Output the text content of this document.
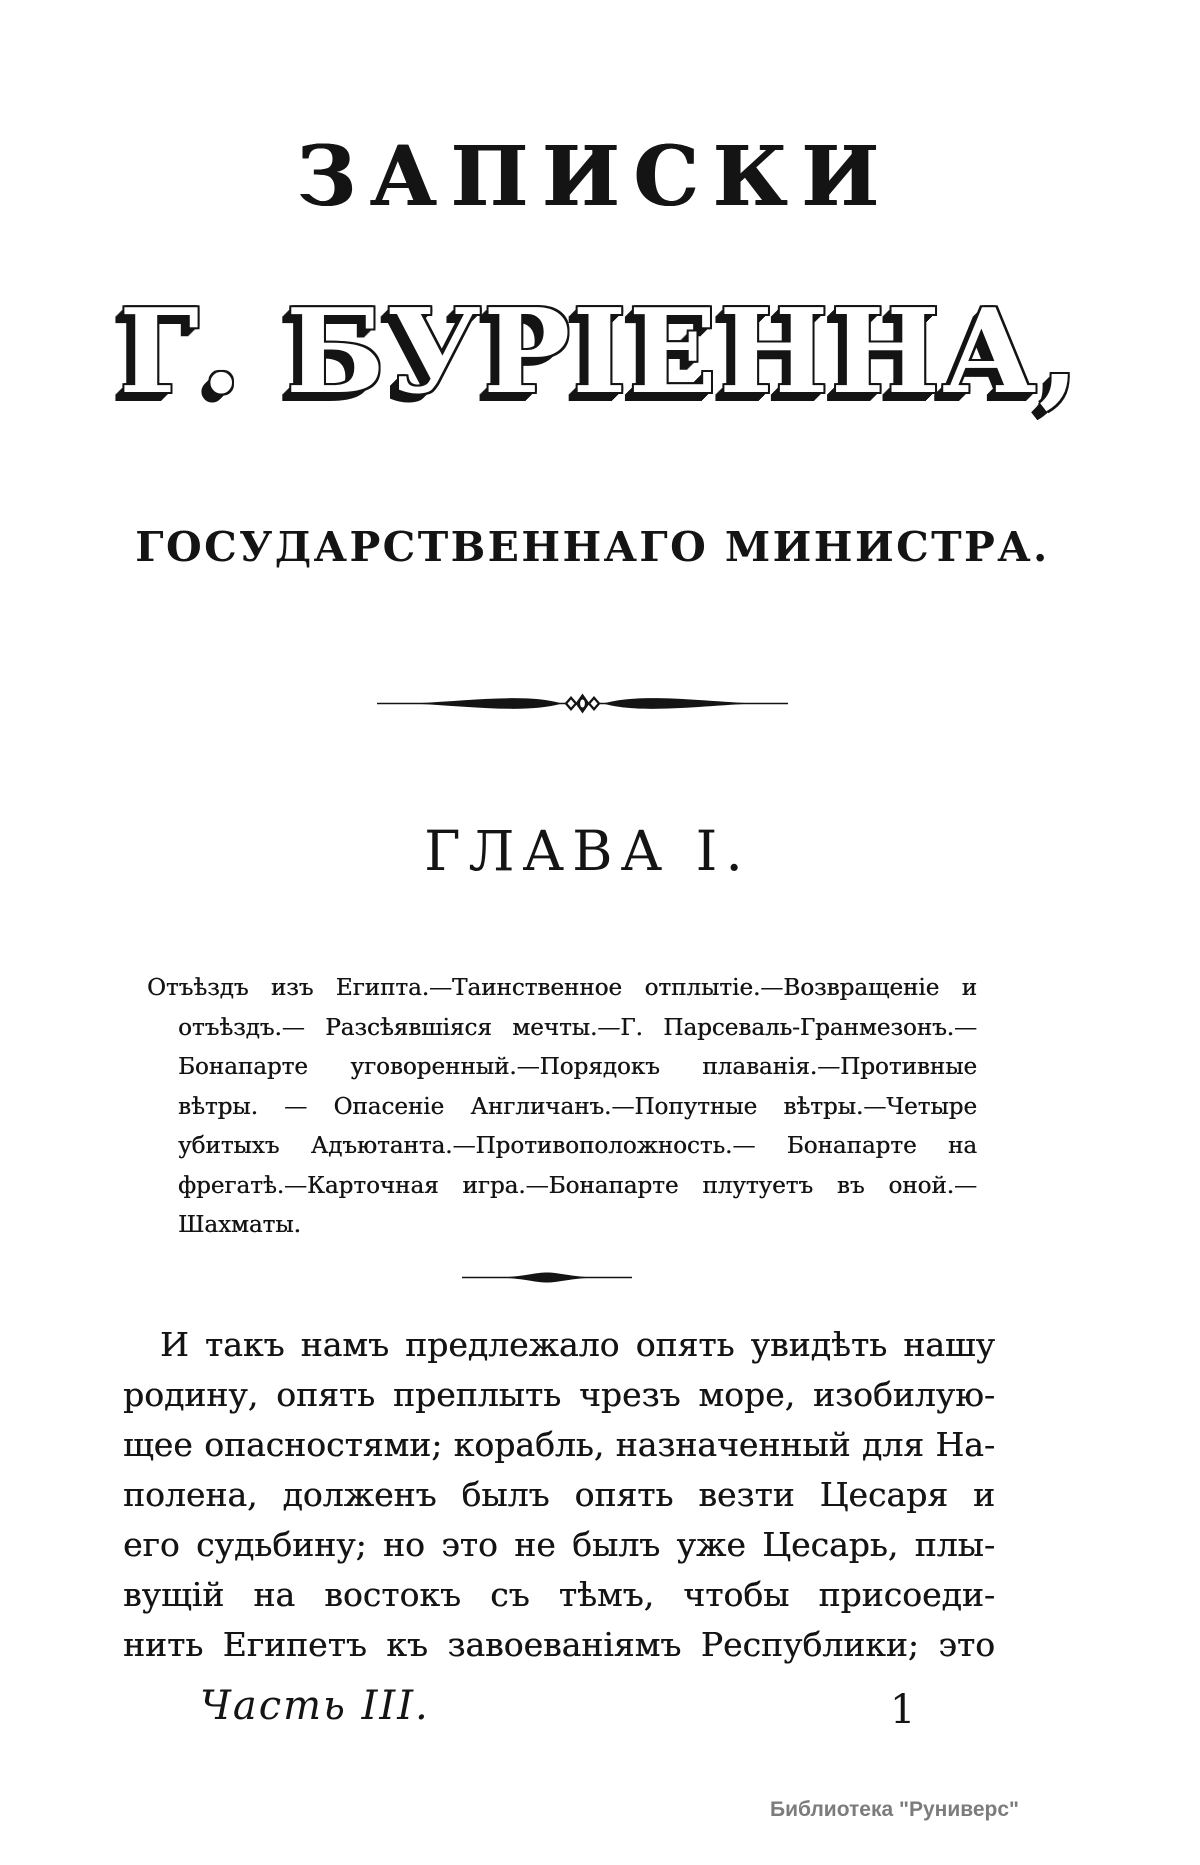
ЗАПИСКИ
Г. БУРІЕННА,
ГОСУДАРСТВЕННАГО МИНИСТРА.
ГЛАВА I.
Отъѣздъ изъ Египта.—Таинственное отплытіе.—Возвращеніе и
отъѣздъ.— Разсѣявшіяся мечты.—Г. Парсеваль-Гранмезонъ.—
Бонапарте уговоренный.—Порядокъ плаванія.—Противные
вѣтры. — Опасеніе Англичанъ.—Попутные вѣтры.—Четыре
убитыхъ Адъютанта.—Противоположность.— Бонапарте на
фрегатѣ.—Карточная игра.—Бонапарте плутуетъ въ оной.—
Шахматы.
И такъ намъ предлежало опять увидѣть нашу
родину, опять преплыть чрезъ море, изобилую-
щее опасностями; корабль, назначенный для На-
полена, долженъ былъ опять везти Цесаря и
его судьбину; но это не былъ уже Цесарь, плы-
вущій на востокъ съ тѣмъ, чтобы присоеди-
нить Египетъ къ завоеваніямъ Республики; это
Часть III.	1
Библиотека "Руниверс"
